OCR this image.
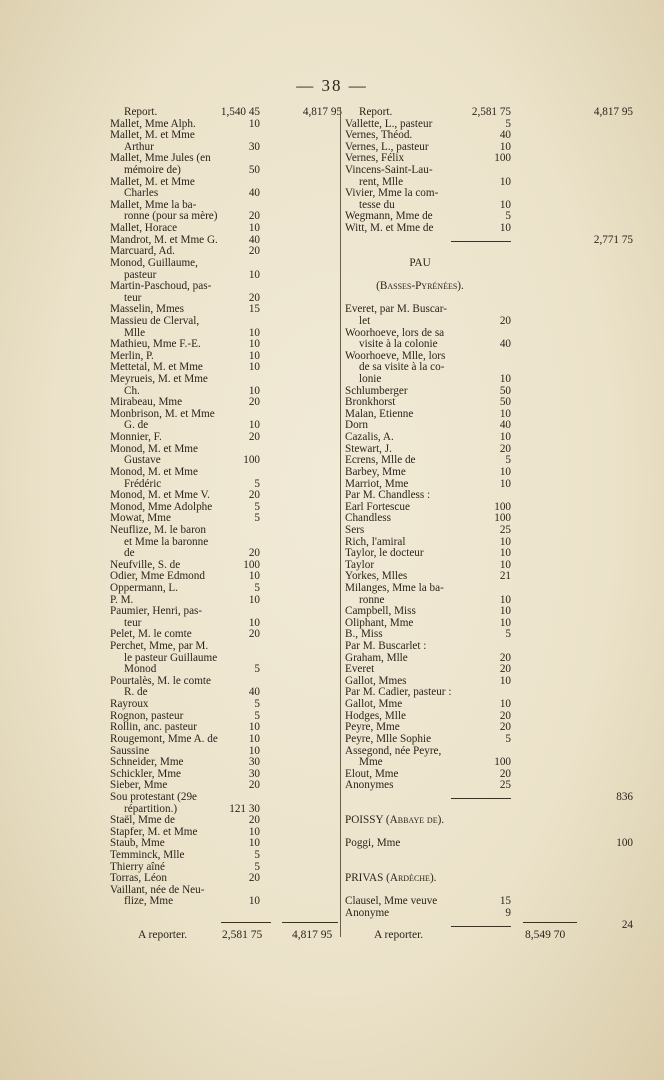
— 38 —
Report.	1,540 45	4,817 95
Mallet, Mme Alph.	10
Mallet, M. et Mme
Arthur	30
Mallet, Mme Jules (en
mémoire de)	50
Mallet, M. et Mme
Charles	40
Mallet, Mme la ba-
ronne (pour sa mère)	20
Mallet, Horace	10
Mandrot, M. et Mme G.	40
Marcuard, Ad.	20
Monod, Guillaume,
pasteur	10
Martin-Paschoud, pas-
teur	20
Masselin, Mmes	15
Massieu de Clerval,
Mlle	10
Mathieu, Mme F.-E.	10
Merlin, P.	10
Mettetal, M. et Mme	10
Meyrueis, M. et Mme
Ch.	10
Mirabeau, Mme	20
Monbrison, M. et Mme
G. de	10
Monnier, F.	20
Monod, M. et Mme
Gustave	100
Monod, M. et Mme
Frédéric	5
Monod, M. et Mme V.	20
Monod, Mme Adolphe	5
Mowat, Mme	5
Neuflize, M. le baron
et Mme la baronne
de	20
Neufville, S. de	100
Odier, Mme Edmond	10
Oppermann, L.	5
P. M.	10
Paumier, Henri, pas-
teur	10
Pelet, M. le comte	20
Perchet, Mme, par M.
le pasteur Guillaume
Monod	5
Pourtalès, M. le comte
R. de	40
Rayroux	5
Rognon, pasteur	5
Rollin, anc. pasteur	10
Rougemont, Mme A. de	10
Saussine	10
Schneider, Mme	30
Schickler, Mme	30
Sieber, Mme	20
Sou protestant (29e
répartition.)	121 30
Staël, Mme de	20
Stapfer, M. et Mme	10
Staub, Mme	10
Temminck, Mlle	5
Thierry aîné	5
Torras, Léon	20
Vaillant, née de Neu-
flize, Mme	10
Report.	2,581 75	4,817 95
Vallette, L., pasteur	5
Vernes, Théod.	40
Vernes, L., pasteur	10
Vernes, Félix	100
Vincens-Saint-Lau-
rent, Mlle	10
Vivier, Mme la com-
tesse du	10
Wegmann, Mme de	5
Witt, M. et Mme de	10
2,771 75
PAU
(Basses-Pyrénées).
Everet, par M. Buscar-
let	20
Woorhoeve, lors de sa
visite à la colonie	40
Woorhoeve, Mlle, lors
de sa visite à la co-
lonie	10
Schlumberger	50
Bronkhorst	50
Malan, Etienne	10
Dorn	40
Cazalis, A.	10
Stewart, J.	20
Ecrens, Mlle de	5
Barbey, Mme	10
Marriot, Mme	10
Par M. Chandless :
Earl Fortescue	100
Chandless	100
Sers	25
Rich, l'amiral	10
Taylor, le docteur	10
Taylor	10
Yorkes, Mlles	21
Milanges, Mme la ba-
ronne	10
Campbell, Miss	10
Oliphant, Mme	10
B., Miss	5
Par M. Buscarlet :
Graham, Mlle	20
Everet	20
Gallot, Mmes	10
Par M. Cadier, pasteur :
Gallot, Mme	10
Hodges, Mlle	20
Peyre, Mme	20
Peyre, Mlle Sophie	5
Assegond, née Peyre,
Mme	100
Elout, Mme	20
Anonymes	25
836
POISSY (Abbaye de).
Poggi, Mme	100
PRIVAS (Ardèche).
Clausel, Mme veuve	15
Anonyme	9
24
A reporter.	2,581 75	4,817 95	A reporter.	8,549 70
